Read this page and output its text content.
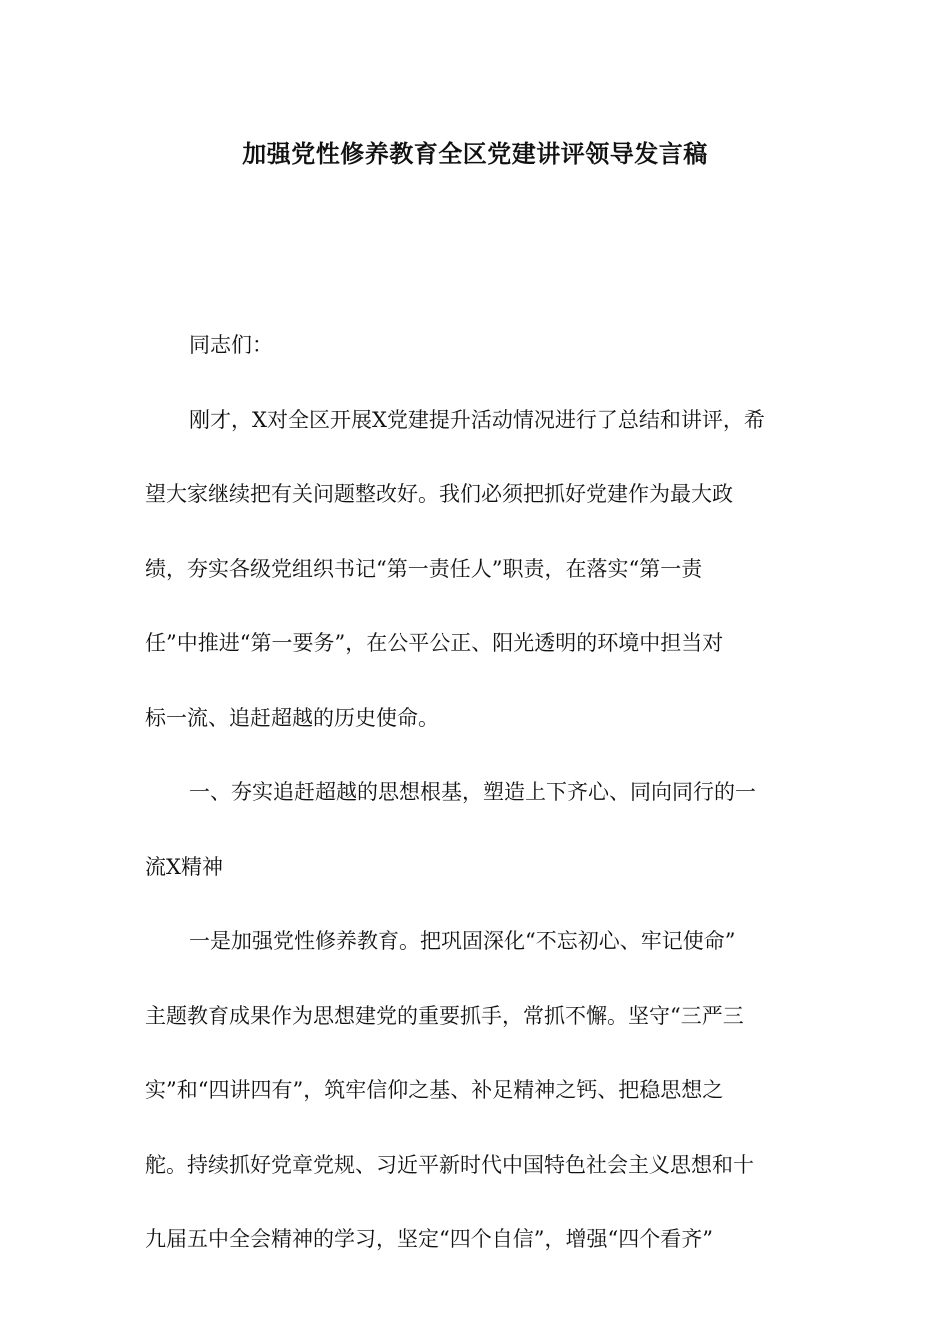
加强党性修养教育全区党建讲评领导发言稿
同志们：
刚才，X对全区开展X党建提升活动情况进行了总结和讲评，希
望大家继续把有关问题整改好。我们必须把抓好党建作为最大政
绩，夯实各级党组织书记“第一责任人”职责，在落实“第一责
任”中推进“第一要务”，在公平公正、阳光透明的环境中担当对
标一流、追赶超越的历史使命。
一、夯实追赶超越的思想根基，塑造上下齐心、同向同行的一
流X精神
一是加强党性修养教育。把巩固深化“不忘初心、牢记使命”
主题教育成果作为思想建党的重要抓手，常抓不懈。坚守“三严三
实”和“四讲四有”，筑牢信仰之基、补足精神之钙、把稳思想之
舵。持续抓好党章党规、习近平新时代中国特色社会主义思想和十
九届五中全会精神的学习，坚定“四个自信”，增强“四个看齐”
